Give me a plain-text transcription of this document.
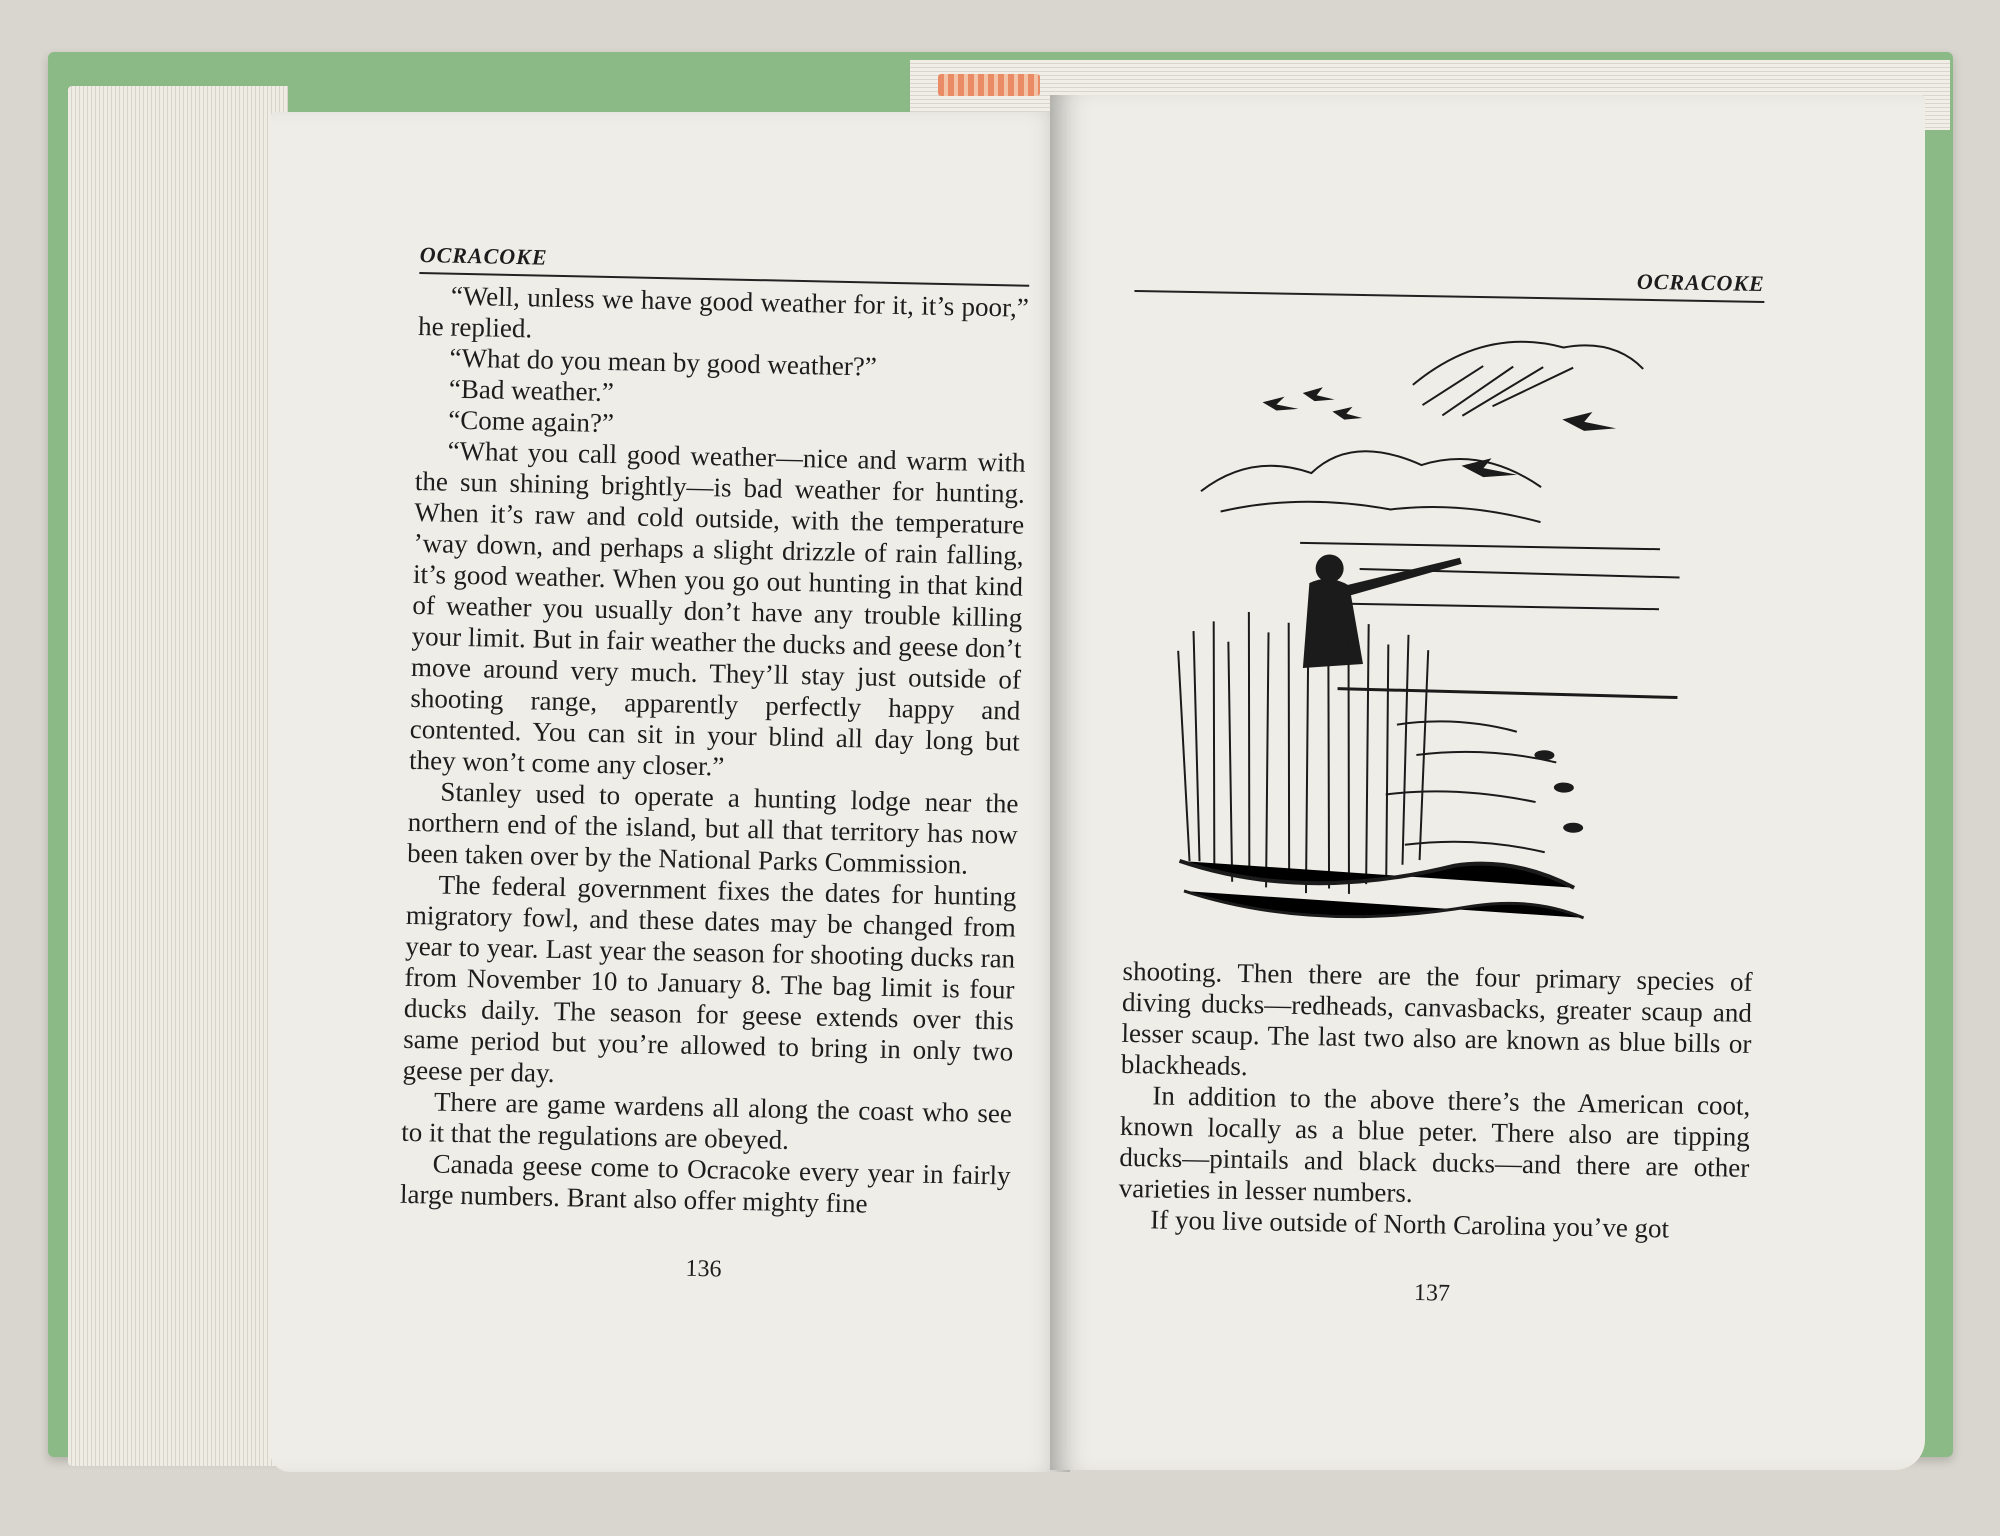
OCRACOKE

“Well, unless we have good weather for it, it’s poor,” he replied.

“What do you mean by good weather?”

“Bad weather.”

“Come again?”

“What you call good weather—nice and warm with the sun shining brightly—is bad weather for hunting. When it’s raw and cold outside, with the temperature ’way down, and perhaps a slight drizzle of rain falling, it’s good weather. When you go out hunting in that kind of weather you usually don’t have any trouble killing your limit. But in fair weather the ducks and geese don’t move around very much. They’ll stay just outside of shooting range, apparently perfectly happy and contented. You can sit in your blind all day long but they won’t come any closer.”

Stanley used to operate a hunting lodge near the northern end of the island, but all that territory has now been taken over by the National Parks Commission.

The federal government fixes the dates for hunting migratory fowl, and these dates may be changed from year to year. Last year the season for shooting ducks ran from November 10 to January 8. The bag limit is four ducks daily. The season for geese extends over this same period but you’re allowed to bring in only two geese per day.

There are game wardens all along the coast who see to it that the regulations are obeyed.

Canada geese come to Ocracoke every year in fairly large numbers. Brant also offer mighty fine

136
OCRACOKE

shooting. Then there are the four primary species of diving ducks—redheads, canvasbacks, greater scaup and lesser scaup. The last two also are known as blue bills or blackheads.

In addition to the above there’s the American coot, known locally as a blue peter. There also are tipping ducks—pintails and black ducks—and there are other varieties in lesser numbers.

If you live outside of North Carolina you’ve got

137
